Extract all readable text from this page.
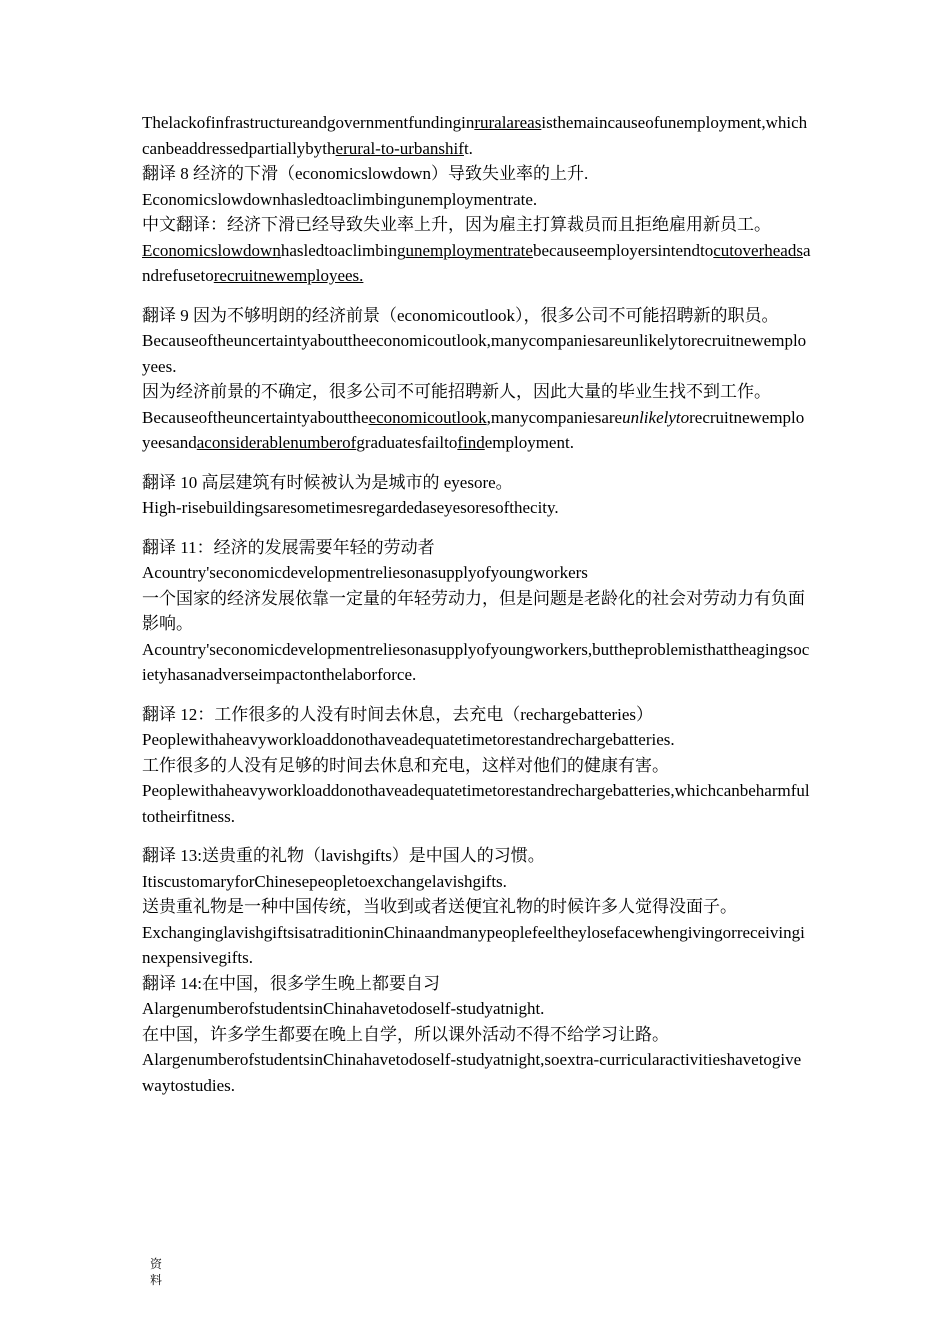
Thelackofinfrastructureandgovernmentfundinginruralareasisthemaincauseofunemployment,whichcanbeaddressedpartiallybytherural-to-urbanshift.
翻译 8 经济的下滑（economicslowdown）导致失业率的上升.
Economicslowdownhasledtoaclimbingunemploymentrate.
中文翻译：经济下滑已经导致失业率上升，因为雇主打算裁员而且拒绝雇用新员工。
Economicslowdownhasledtoaclimbingunemploymentratebecauseemployersintendtocutoverheadsandrefusetorecruitnewemployees.
翻译 9 因为不够明朗的经济前景（economicoutlook），很多公司不可能招聘新的职员。
Becauseoftheuncertaintyabouttheeconomicoutlook,manycompaniesareunlikelytorecruitnewemployees.
因为经济前景的不确定，很多公司不可能招聘新人，因此大量的毕业生找不到工作。
Becauseoftheuncertaintyabouttheeconomicoutlook,manycompaniesareunlikelytorecruitnewemployeesandaconsiderablenumberofgraduatesfailtofindemployment.
翻译 10 高层建筑有时候被认为是城市的 eyesore。
High-risebuildingsaresometimesregardedaseyesoresofthecity.
翻译 11：经济的发展需要年轻的劳动者
Acountry'seconomicdevelopmentreliesonasupplyofyoungworkers
一个国家的经济发展依靠一定量的年轻劳动力，但是问题是老龄化的社会对劳动力有负面影响。
Acountry'seconomicdevelopmentreliesonasupplyofyoungworkers,buttheproblemisthattheagingsocietyhasanadverseimpactonthelaborforce.
翻译 12：工作很多的人没有时间去休息，去充电（rechargebatteries）
Peoplewithaheavyworkloaddonothaveadequatetimetorestandrechargebatteries.
工作很多的人没有足够的时间去休息和充电，这样对他们的健康有害。
Peoplewithaheavyworkloaddonothaveadequatetimetorestandrechargebatteries,whichcanbeharmfultotheirfitness.
翻译 13:送贵重的礼物（lavishgifts）是中国人的习惯。
ItiscustomaryforChinesepeopletoexchangelavishgifts.
送贵重礼物是一种中国传统，当收到或者送便宜礼物的时候许多人觉得没面子。
ExchanginglavishgiftsisatraditioninChinaandmanypeoplefeeltheylosefacewhengivingorreceivinginexpensivegifts.
翻译 14:在中国，很多学生晚上都要自习
AlargenumberofstudentsinChinahavetodoself-studyatnight.
在中国，许多学生都要在晚上自学，所以课外活动不得不给学习让路。
AlargenumberofstudentsinChinahavetodoself-studyatnight,soextra-curricularactivitieshavetogivewaytostudies.
资料
